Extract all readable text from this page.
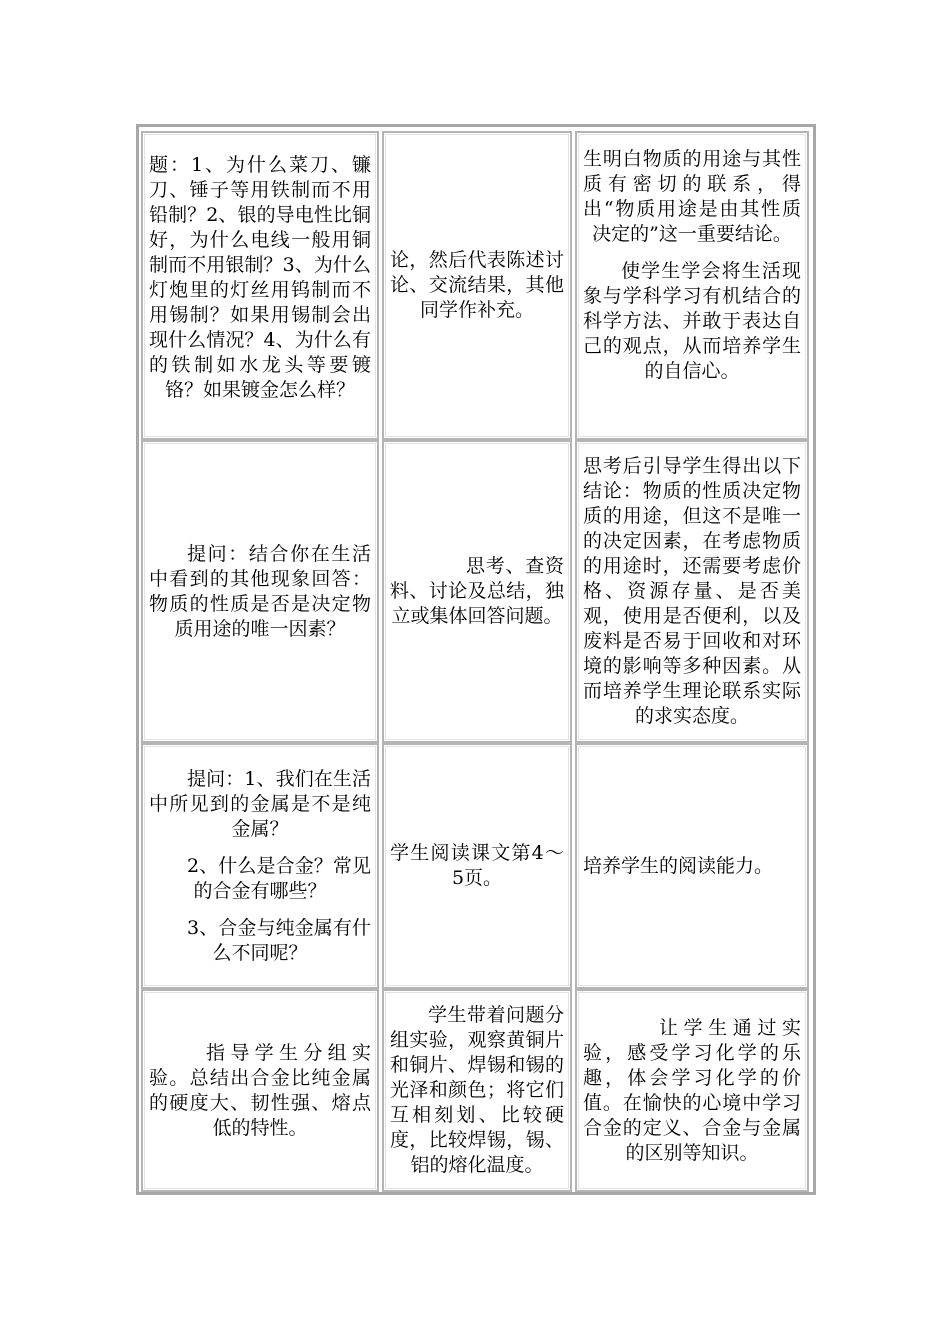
题：1、为什么菜刀、镰刀、锤子等用铁制而不用铅制？2、银的导电性比铜好，为什么电线一般用铜制而不用银制？3、为什么灯炮里的灯丝用钨制而不用锡制？如果用锡制会出现什么情况？4、为什么有的铁制如水龙头等要镀铬？如果镀金怎么样？

论，然后代表陈述讨论、交流结果，其他同学作补充。

生明白物质的用途与其性质有密切的联系，得出“物质用途是由其性质决定的”这一重要结论。

使学生学会将生活现象与学科学习有机结合的科学方法、并敢于表达自己的观点，从而培养学生的自信心。

提问：结合你在生活中看到的其他现象回答：物质的性质是否是决定物质用途的唯一因素？

思考、查资料、讨论及总结，独立或集体回答问题。

思考后引导学生得出以下结论：物质的性质决定物质的用途，但这不是唯一的决定因素，在考虑物质的用途时，还需要考虑价格、资源存量、是否美观，使用是否便利，以及废料是否易于回收和对环境的影响等多种因素。从而培养学生理论联系实际的求实态度。

提问：1、我们在生活中所见到的金属是不是纯金属？

2、什么是合金？常见的合金有哪些？

3、合金与纯金属有什么不同呢？

学生阅读课文第4～5页。

培养学生的阅读能力。

指导学生分组实验。总结出合金比纯金属的硬度大、韧性强、熔点低的特性。

学生带着问题分组实验，观察黄铜片和铜片、焊锡和锡的光泽和颜色；将它们互相刻划、比较硬度，比较焊锡，锡、铝的熔化温度。

让学生通过实验，感受学习化学的乐趣，体会学习化学的价值。在愉快的心境中学习合金的定义、合金与金属的区别等知识。
